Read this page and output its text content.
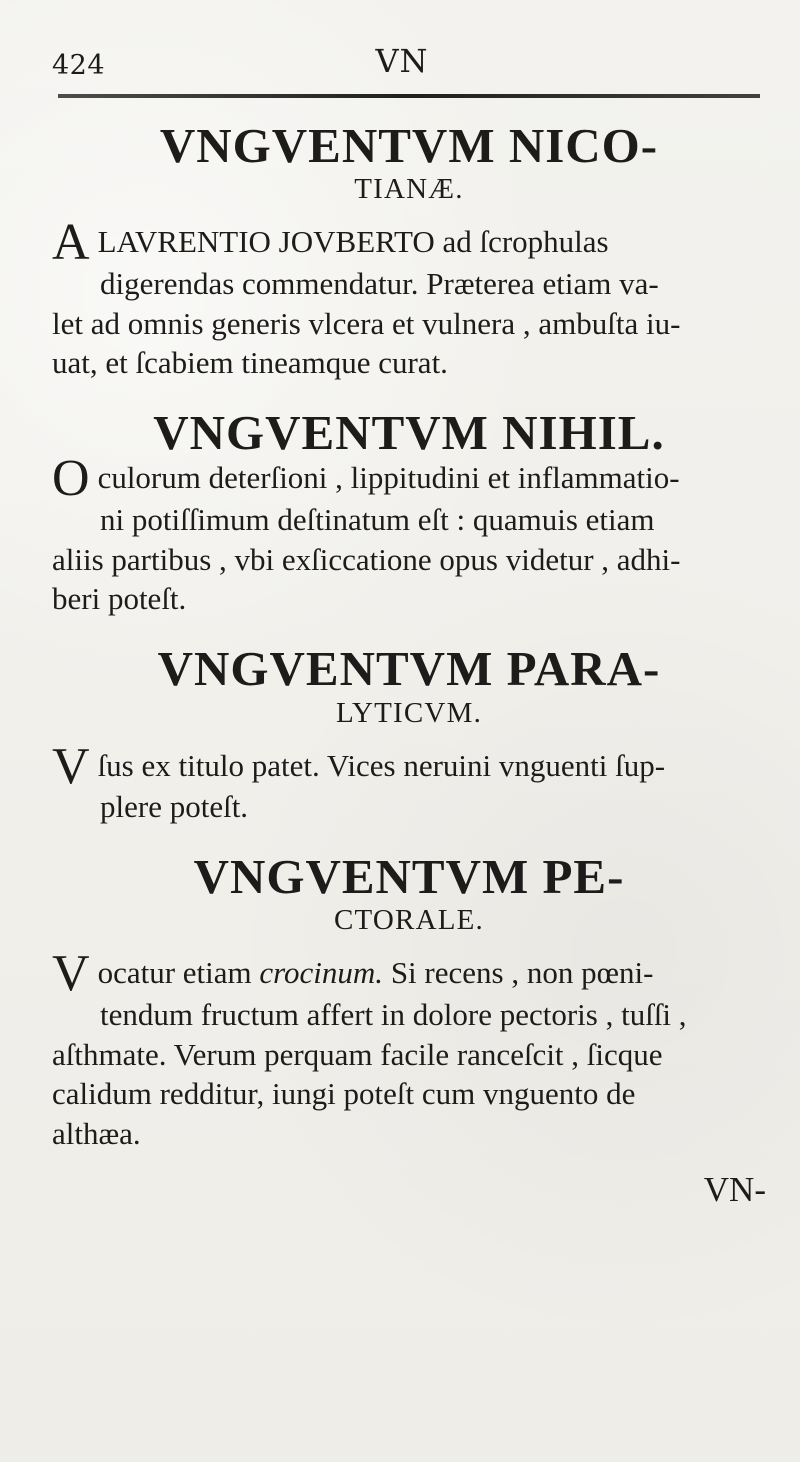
424	VN
VNGVENTVM NICO-
TIANÆ.
ALAVRENTIO JOVBERTO ad ſcrophulas
digerendas commendatur. Præterea etiam va-
let ad omnis generis vlcera et vulnera , ambuſta iu-
uat, et ſcabiem tineamque curat.
VNGVENTVM NIHIL.
Oculorum deterſioni , lippitudini et inflammatio-
ni potiſſimum deſtinatum eſt : quamuis etiam
aliis partibus , vbi exſiccatione opus videtur , adhi-
beri poteſt.
VNGVENTVM PARA-
LYTICVM.
Vſus ex titulo patet. Vices neruini vnguenti ſup-
plere poteſt.
VNGVENTVM PE-
CTORALE.
Vocatur etiam crocinum. Si recens , non pœni-
tendum fructum affert in dolore pectoris , tuſſi ,
aſthmate. Verum perquam facile ranceſcit , ſicque
calidum redditur, iungi poteſt cum vnguento de
althæa.
VN-
